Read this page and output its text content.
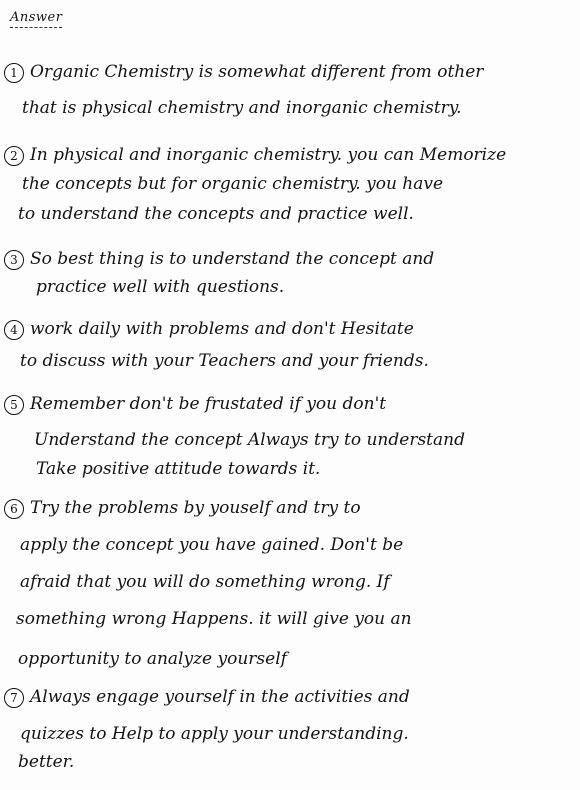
Answer
1 Organic Chemistry is somewhat different from other
that is physical chemistry and inorganic chemistry.
2 In physical and inorganic chemistry. you can Memorize
the concepts but for organic chemistry. you have
to understand the concepts and practice well.
3 So best thing is to understand the concept and
practice well with questions.
4 work daily with problems and don't Hesitate
to discuss with your Teachers and your friends.
5 Remember don't be frustated if you don't
Understand the concept Always try to understand
Take positive attitude towards it.
6 Try the problems by youself and try to
apply the concept you have gained. Don't be
afraid that you will do something wrong. If
something wrong Happens. it will give you an
opportunity to analyze yourself
7 Always engage yourself in the activities and
quizzes to Help to apply your understanding.
better.
